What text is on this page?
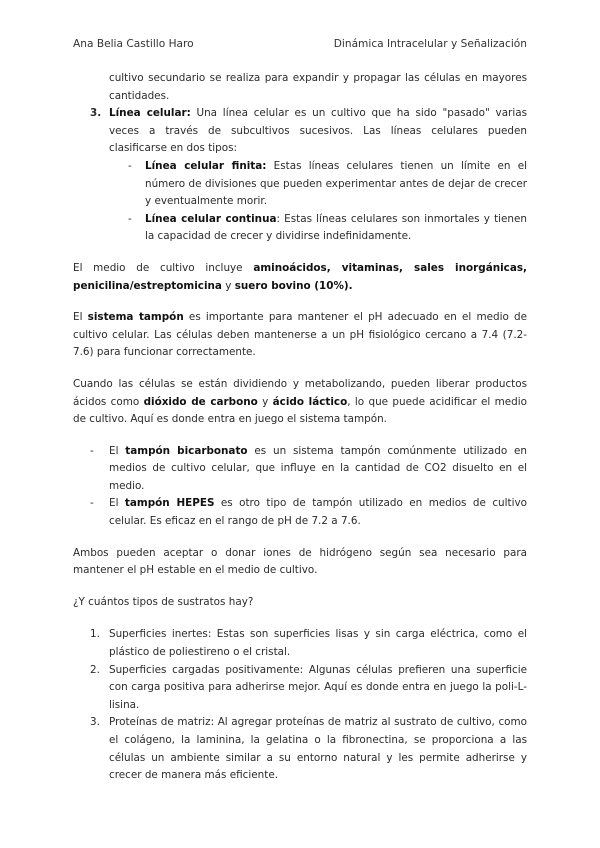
Ana Belia Castillo Haro	Dinámica Intracelular y Señalización

cultivo secundario se realiza para expandir y propagar las células en mayores cantidades.

3. Línea celular: Una línea celular es un cultivo que ha sido "pasado" varias veces a través de subcultivos sucesivos. Las líneas celulares pueden clasificarse en dos tipos:

- Línea celular finita: Estas líneas celulares tienen un límite en el número de divisiones que pueden experimentar antes de dejar de crecer y eventualmente morir.

- Línea celular continua: Estas líneas celulares son inmortales y tienen la capacidad de crecer y dividirse indefinidamente.

El medio de cultivo incluye aminoácidos, vitaminas, sales inorgánicas, penicilina/estreptomicina y suero bovino (10%).

El sistema tampón es importante para mantener el pH adecuado en el medio de cultivo celular. Las células deben mantenerse a un pH fisiológico cercano a 7.4 (7.2-7.6) para funcionar correctamente.

Cuando las células se están dividiendo y metabolizando, pueden liberar productos ácidos como dióxido de carbono y ácido láctico, lo que puede acidificar el medio de cultivo. Aquí es donde entra en juego el sistema tampón.

- El tampón bicarbonato es un sistema tampón comúnmente utilizado en medios de cultivo celular, que influye en la cantidad de CO2 disuelto en el medio.

- El tampón HEPES es otro tipo de tampón utilizado en medios de cultivo celular. Es eficaz en el rango de pH de 7.2 a 7.6.

Ambos pueden aceptar o donar iones de hidrógeno según sea necesario para mantener el pH estable en el medio de cultivo.

¿Y cuántos tipos de sustratos hay?

1. Superficies inertes: Estas son superficies lisas y sin carga eléctrica, como el plástico de poliestireno o el cristal.

2. Superficies cargadas positivamente: Algunas células prefieren una superficie con carga positiva para adherirse mejor. Aquí es donde entra en juego la poli-L-lisina.

3. Proteínas de matriz: Al agregar proteínas de matriz al sustrato de cultivo, como el colágeno, la laminina, la gelatina o la fibronectina, se proporciona a las células un ambiente similar a su entorno natural y les permite adherirse y crecer de manera más eficiente.
